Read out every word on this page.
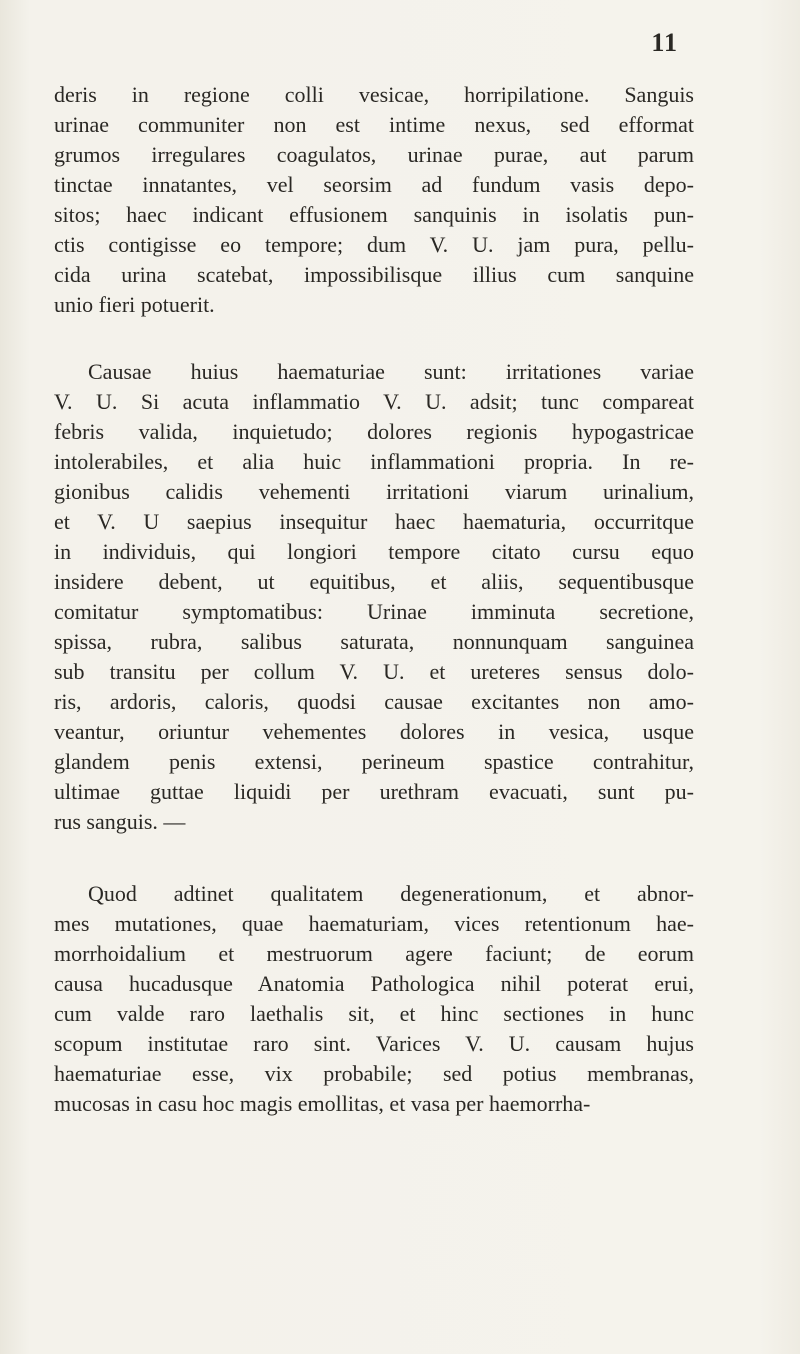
11
deris in regione colli vesicae, horripilatione. Sanguis
urinae communiter non est intime nexus, sed efformat
grumos irregulares coagulatos, urinae purae, aut parum
tinctae innatantes, vel seorsim ad fundum vasis depo-
sitos; haec indicant effusionem sanquinis in isolatis pun-
ctis contigisse eo tempore; dum V. U. jam pura, pellu-
cida urina scatebat, impossibilisque illius cum sanquine
unio fieri potuerit.
Causae huius haematuriae sunt: irritationes variae
V. U. Si acuta inflammatio V. U. adsit; tunc compareat
febris valida, inquietudo; dolores regionis hypogastricae
intolerabiles, et alia huic inflammationi propria. In re-
gionibus calidis vehementi irritationi viarum urinalium,
et V. U saepius insequitur haec haematuria, occurritque
in individuis, qui longiori tempore citato cursu equo
insidere debent, ut equitibus, et aliis, sequentibusque
comitatur symptomatibus: Urinae imminuta secretione,
spissa, rubra, salibus saturata, nonnunquam sanguinea
sub transitu per collum V. U. et ureteres sensus dolo-
ris, ardoris, caloris, quodsi causae excitantes non amo-
veantur, oriuntur vehementes dolores in vesica, usque
glandem penis extensi, perineum spastice contrahitur,
ultimae guttae liquidi per urethram evacuati, sunt pu-
rus sanguis. —
Quod adtinet qualitatem degenerationum, et abnor-
mes mutationes, quae haematuriam, vices retentionum hae-
morrhoidalium et mestruorum agere faciunt; de eorum
causa hucadusque Anatomia Pathologica nihil poterat erui,
cum valde raro laethalis sit, et hinc sectiones in hunc
scopum institutae raro sint. Varices V. U. causam hujus
haematuriae esse, vix probabile; sed potius membranas,
mucosas in casu hoc magis emollitas, et vasa per haemorrha-
